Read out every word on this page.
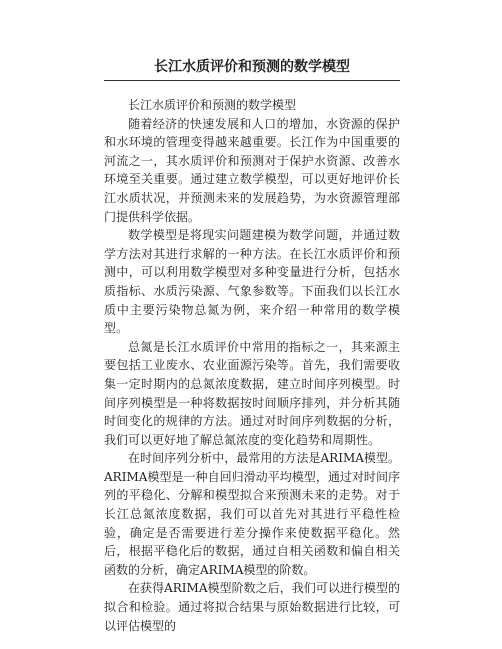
长江水质评价和预测的数学模型

长江水质评价和预测的数学模型

随着经济的快速发展和人口的增加，水资源的保护和水环境的管理变得越来越重要。长江作为中国重要的河流之一，其水质评价和预测对于保护水资源、改善水环境至关重要。通过建立数学模型，可以更好地评价长江水质状况，并预测未来的发展趋势，为水资源管理部门提供科学依据。

数学模型是将现实问题建模为数学问题，并通过数学方法对其进行求解的一种方法。在长江水质评价和预测中，可以利用数学模型对多种变量进行分析，包括水质指标、水质污染源、气象参数等。下面我们以长江水质中主要污染物总氮为例，来介绍一种常用的数学模型。

总氮是长江水质评价中常用的指标之一，其来源主要包括工业废水、农业面源污染等。首先，我们需要收集一定时期内的总氮浓度数据，建立时间序列模型。时间序列模型是一种将数据按时间顺序排列，并分析其随时间变化的规律的方法。通过对时间序列数据的分析，我们可以更好地了解总氮浓度的变化趋势和周期性。

在时间序列分析中，最常用的方法是ARIMA模型。ARIMA模型是一种自回归滑动平均模型，通过对时间序列的平稳化、分解和模型拟合来预测未来的走势。对于长江总氮浓度数据，我们可以首先对其进行平稳性检验，确定是否需要进行差分操作来使数据平稳化。然后，根据平稳化后的数据，通过自相关函数和偏自相关函数的分析，确定ARIMA模型的阶数。

在获得ARIMA模型阶数之后，我们可以进行模型的拟合和检验。通过将拟合结果与原始数据进行比较，可以评估模型的
